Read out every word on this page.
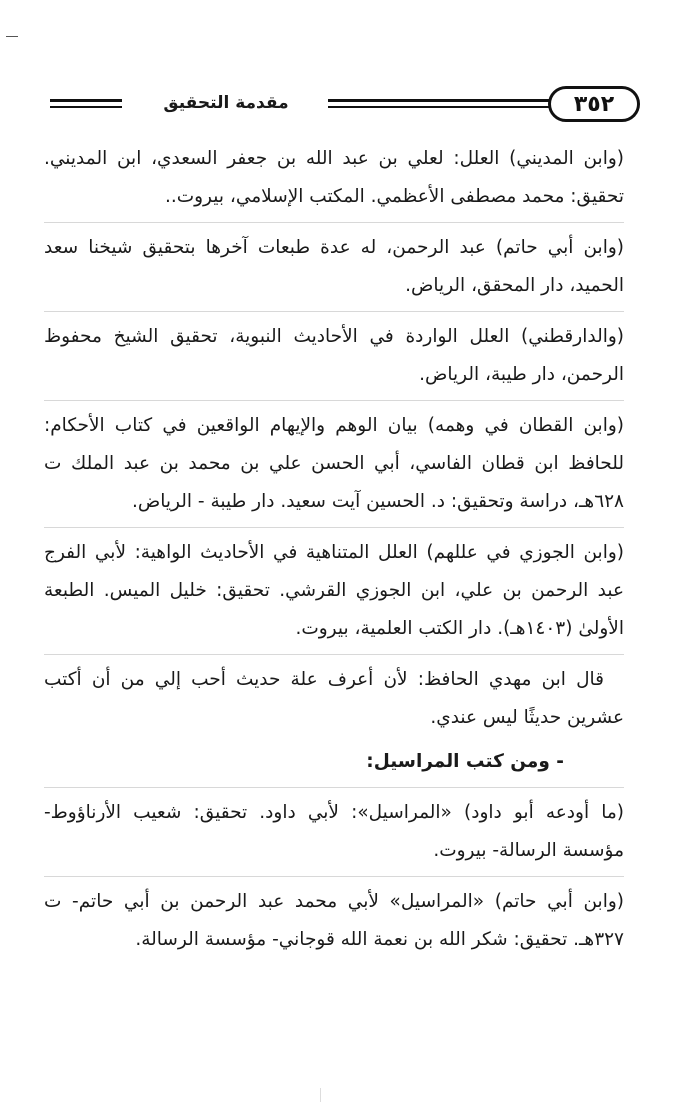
٣٥٢
مقدمة التحقيق

(وابن المديني) العلل: لعلي بن عبد الله بن جعفر السعدي، ابن المديني. تحقيق: محمد مصطفى الأعظمي. المكتب الإسلامي، بيروت..

(وابن أبي حاتم) عبد الرحمن، له عدة طبعات آخرها بتحقيق شيخنا سعد الحميد، دار المحقق، الرياض.

(والدارقطني) العلل الواردة في الأحاديث النبوية، تحقيق الشيخ محفوظ الرحمن، دار طيبة، الرياض.

(وابن القطان في وهمه) بيان الوهم والإيهام الواقعين في كتاب الأحكام: للحافظ ابن قطان الفاسي، أبي الحسن علي بن محمد بن عبد الملك ت ٦٢٨هـ، دراسة وتحقيق: د. الحسين آيت سعيد. دار طيبة - الرياض.

(وابن الجوزي في عللهم) العلل المتناهية في الأحاديث الواهية: لأبي الفرج عبد الرحمن بن علي، ابن الجوزي القرشي. تحقيق: خليل الميس. الطبعة الأولىٰ (١٤٠٣هـ). دار الكتب العلمية، بيروت.

قال ابن مهدي الحافظ: لأن أعرف علة حديث أحب إلي من أن أكتب عشرين حديثًا ليس عندي.

- ومن كتب المراسيل:

(ما أودعه أبو داود) «المراسيل»: لأبي داود. تحقيق: شعيب الأرناؤوط- مؤسسة الرسالة- بيروت.

(وابن أبي حاتم) «المراسيل» لأبي محمد عبد الرحمن بن أبي حاتم- ت ٣٢٧هـ. تحقيق: شكر الله بن نعمة الله قوجاني- مؤسسة الرسالة.
